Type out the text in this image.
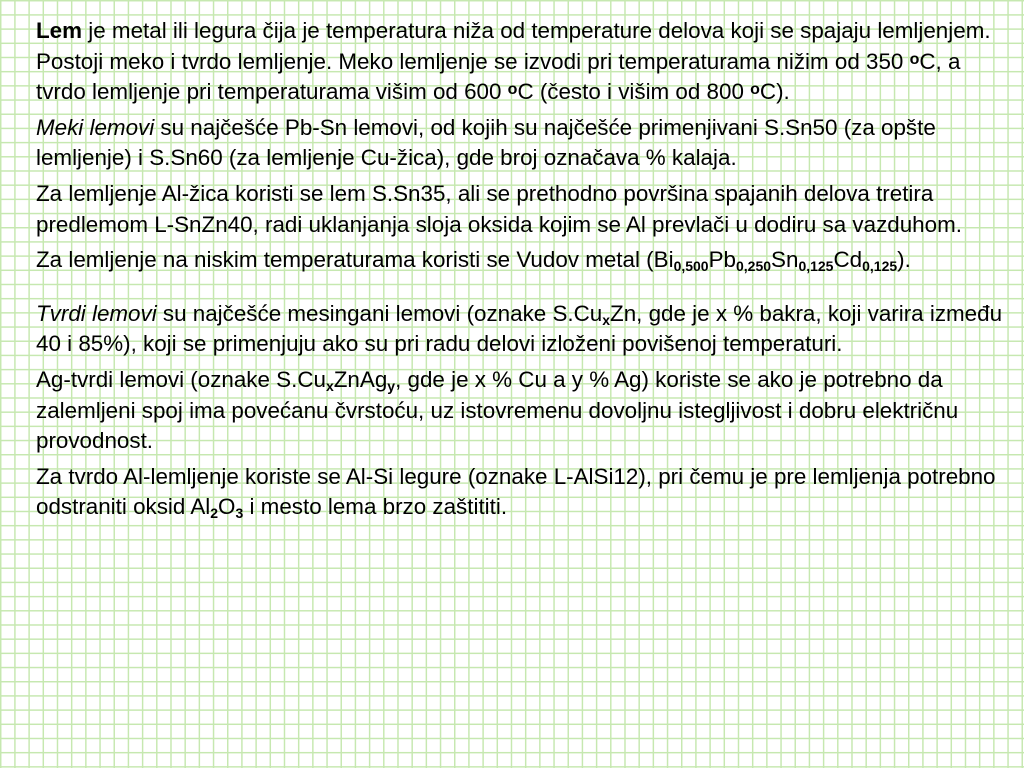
Lem je metal ili legura čija je temperatura niža od temperature delova koji se spajaju lemljenjem. Postoji meko i tvrdo lemljenje. Meko lemljenje se izvodi pri temperaturama nižim od 350 $^o$C, a tvrdo lemljenje pri temperaturama višim od 600 $^o$C (često i višim od 800 $^o$C).

Meki lemovi su najčešće Pb-Sn lemovi, od kojih su najčešće primenjivani S.Sn50 (za opšte lemljenje) i S.Sn60 (za lemljenje Cu-žica), gde broj označava % kalaja.

Za lemljenje Al-žica koristi se lem S.Sn35, ali se prethodno površina spajanih delova tretira predlemom L-SnZn40, radi uklanjanja sloja oksida kojim se Al prevlači u dodiru sa vazduhom.

Za lemljenje na niskim temperaturama koristi se Vudov metal $(Bi_{0,500}Pb_{0,250}Sn_{0,125}Cd_{0,125})$.

Tvrdi lemovi su najčešće mesingani lemovi (oznake $S.Cu_xZn$, gde je x % bakra, koji varira između 40 i 85%), koji se primenjuju ako su pri radu delovi izloženi povišenoj temperaturi.

Ag-tvrdi lemovi (oznake $S.Cu_xZnAg_y$, gde je x % Cu a y % Ag) koriste se ako je potrebno da zalemljeni spoj ima povećanu čvrstoću, uz istovremenu dovoljnu istegljivost i dobru električnu provodnost.

Za tvrdo Al-lemljenje koriste se Al-Si legure (oznake L-AlSi12), pri čemu je pre lemljenja potrebno odstraniti oksid $Al_2O_3$ i mesto lema brzo zaštititi.
